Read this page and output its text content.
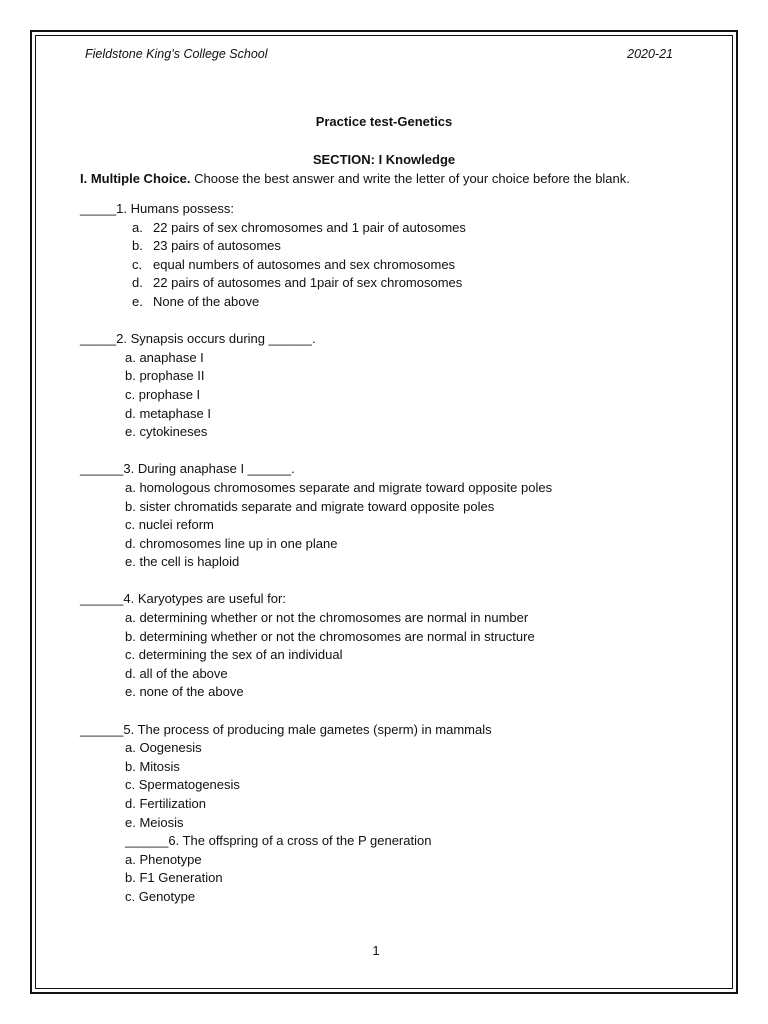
Fieldstone King’s College School	2020-21
Practice test-Genetics
SECTION: I Knowledge
I. Multiple Choice. Choose the best answer and write the letter of your choice before the blank.
_____1. Humans possess:
a. 22 pairs of sex chromosomes and 1 pair of autosomes
b. 23 pairs of autosomes
c. equal numbers of autosomes and sex chromosomes
d. 22 pairs of autosomes and 1pair of sex chromosomes
e. None of the above
_____2. Synapsis occurs during ______.
a. anaphase I
b. prophase II
c. prophase I
d. metaphase I
e. cytokineses
______3. During anaphase I ______.
a. homologous chromosomes separate and migrate toward opposite poles
b. sister chromatids separate and migrate toward opposite poles
c. nuclei reform
d. chromosomes line up in one plane
e. the cell is haploid
______4. Karyotypes are useful for:
a. determining whether or not the chromosomes are normal in number
b. determining whether or not the chromosomes are normal in structure
c. determining the sex of an individual
d. all of the above
e. none of the above
______5. The process of producing male gametes (sperm) in mammals
a. Oogenesis
b. Mitosis
c. Spermatogenesis
d. Fertilization
e. Meiosis
______6. The offspring of a cross of the P generation
a. Phenotype
b. F1 Generation
c. Genotype
1
